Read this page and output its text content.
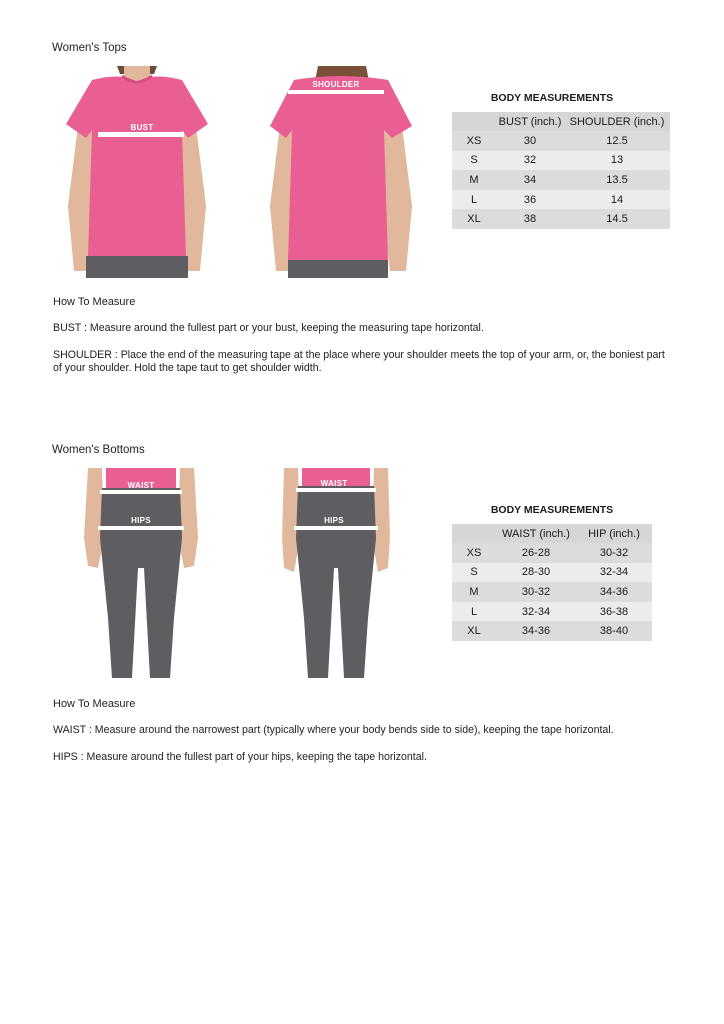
Women's Tops
BUST
SHOULDER
BODY MEASUREMENTS
	BUST (inch.)	SHOULDER (inch.)
XS	30	12.5
S	32	13
M	34	13.5
L	36	14
XL	38	14.5
How To Measure
BUST : Measure around the fullest part or your bust, keeping the measuring tape horizontal.
SHOULDER : Place the end of the measuring tape at the place where your shoulder meets the top of your arm, or, the boniest part of your shoulder. Hold the tape taut to get shoulder width.
Women's Bottoms
WAIST
HIPS
WAIST
HIPS
BODY MEASUREMENTS
	WAIST (inch.)	HIP (inch.)
XS	26-28	30-32
S	28-30	32-34
M	30-32	34-36
L	32-34	36-38
XL	34-36	38-40
How To Measure
WAIST : Measure around the narrowest part (typically where your body bends side to side), keeping the tape horizontal.
HIPS : Measure around the fullest part of your hips, keeping the tape horizontal.
